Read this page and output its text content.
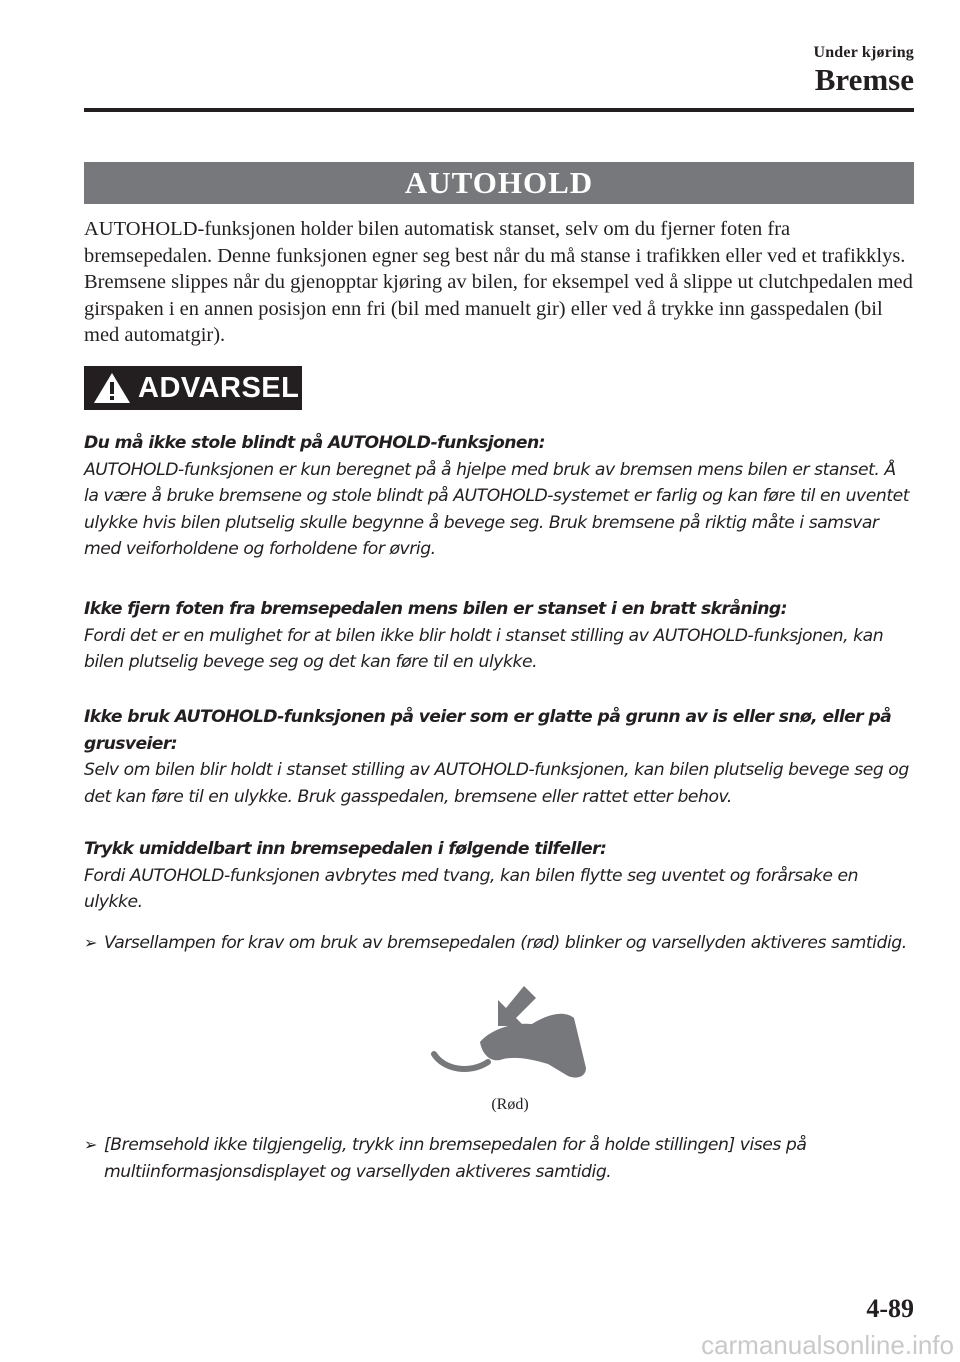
Under kjøring
Bremse
AUTOHOLD

AUTOHOLD-funksjonen holder bilen automatisk stanset, selv om du fjerner foten fra bremsepedalen. Denne funksjonen egner seg best når du må stanse i trafikken eller ved et trafikklys. Bremsene slippes når du gjenopptar kjøring av bilen, for eksempel ved å slippe ut clutchpedalen med girspaken i en annen posisjon enn fri (bil med manuelt gir) eller ved å trykke inn gasspedalen (bil med automatgir).

ADVARSEL

Du må ikke stole blindt på AUTOHOLD-funksjonen:

AUTOHOLD-funksjonen er kun beregnet på å hjelpe med bruk av bremsen mens bilen er stanset. Å la være å bruke bremsene og stole blindt på AUTOHOLD-systemet er farlig og kan føre til en uventet ulykke hvis bilen plutselig skulle begynne å bevege seg. Bruk bremsene på riktig måte i samsvar med veiforholdene og forholdene for øvrig.

Ikke fjern foten fra bremsepedalen mens bilen er stanset i en bratt skråning:

Fordi det er en mulighet for at bilen ikke blir holdt i stanset stilling av AUTOHOLD-funksjonen, kan bilen plutselig bevege seg og det kan føre til en ulykke.

Ikke bruk AUTOHOLD-funksjonen på veier som er glatte på grunn av is eller snø, eller på grusveier:

Selv om bilen blir holdt i stanset stilling av AUTOHOLD-funksjonen, kan bilen plutselig bevege seg og det kan føre til en ulykke. Bruk gasspedalen, bremsene eller rattet etter behov.

Trykk umiddelbart inn bremsepedalen i følgende tilfeller:

Fordi AUTOHOLD-funksjonen avbrytes med tvang, kan bilen flytte seg uventet og forårsake en ulykke.

➢ Varsellampen for krav om bruk av bremsepedalen (rød) blinker og varsellyden aktiveres samtidig.
(Rød)
➢ [Bremsehold ikke tilgjengelig, trykk inn bremsepedalen for å holde stillingen] vises på multiinformasjonsdisplayet og varsellyden aktiveres samtidig.
4-89
carmanualsonline.info
